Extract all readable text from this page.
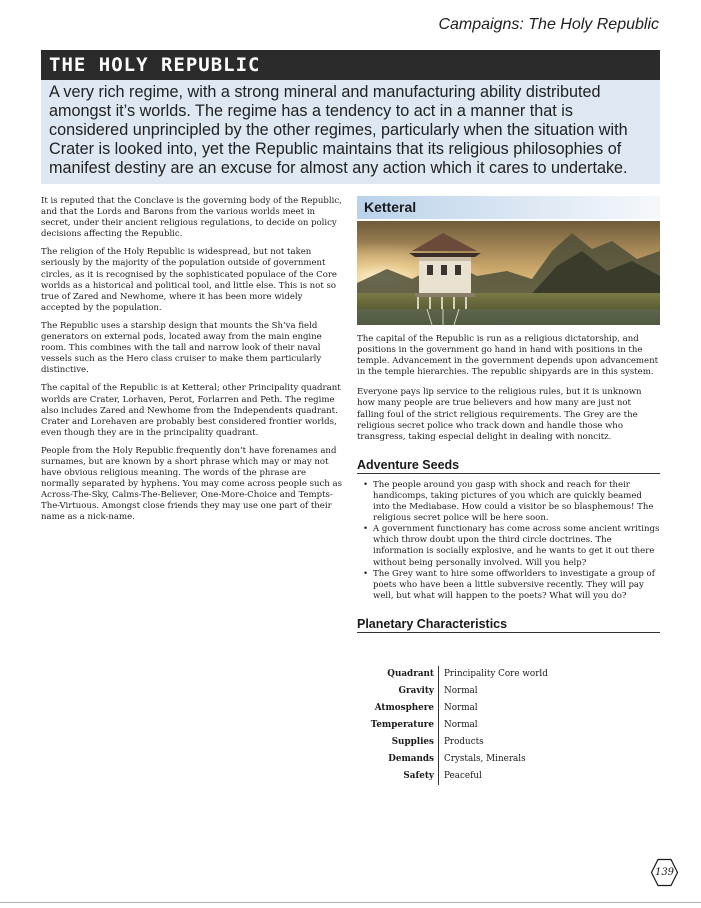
Campaigns: The Holy Republic
THE HOLY REPUBLIC
A very rich regime, with a strong mineral and manufacturing ability distributed amongst it’s worlds. The regime has a tendency to act in a manner that is considered unprincipled by the other regimes, particularly when the situation with Crater is looked into, yet the Republic maintains that its religious philosophies of manifest destiny are an excuse for almost any action which it cares to undertake.

It is reputed that the Conclave is the governing body of the Republic, and that the Lords and Barons from the various worlds meet in secret, under their ancient religious regulations, to decide on policy decisions affecting the Republic.

The religion of the Holy Republic is widespread, but not taken seriously by the majority of the population outside of government circles, as it is recognised by the sophisticated populace of the Core worlds as a historical and political tool, and little else. This is not so true of Zared and Newhome, where it has been more widely accepted by the population.

The Republic uses a starship design that mounts the Sh’va field generators on external pods, located away from the main engine room. This combines with the tall and narrow look of their naval vessels such as the Hero class cruiser to make them particularly distinctive.

The capital of the Republic is at Ketteral; other Principality quadrant worlds are Crater, Lorhaven, Perot, Forlarren and Peth. The regime also includes Zared and Newhome from the Independents quadrant. Crater and Lorehaven are probably best considered frontier worlds, even though they are in the principality quadrant.

People from the Holy Republic frequently don’t have forenames and surnames, but are known by a short phrase which may or may not have obvious religious meaning. The words of the phrase are normally separated by hyphens. You may come across people such as Across-The-Sky, Calms-The-Believer, One-More-Choice and Tempts-The-Virtuous. Amongst close friends they may use one part of their name as a nick-name.

Ketteral

The capital of the Republic is run as a religious dictatorship, and positions in the government go hand in hand with positions in the temple. Advancement in the government depends upon advancement in the temple hierarchies. The republic shipyards are in this system.

Everyone pays lip service to the religious rules, but it is unknown how many people are true believers and how many are just not falling foul of the strict religious requirements. The Grey are the religious secret police who track down and handle those who transgress, taking especial delight in dealing with noncitz.

Adventure Seeds
• The people around you gasp with shock and reach for their handicomps, taking pictures of you which are quickly beamed into the Mediabase. How could a visitor be so blasphemous! The religious secret police will be here soon.
• A government functionary has come across some ancient writings which throw doubt upon the third circle doctrines. The information is socially explosive, and he wants to get it out there without being personally involved. Will you help?
• The Grey want to hire some offworlders to investigate a group of poets who have been a little subversive recently. They will pay well, but what will happen to the poets? What will you do?
Planetary Characteristics
Quadrant	Principality Core world
Gravity	Normal
Atmosphere	Normal
Temperature	Normal
Supplies	Products
Demands	Crystals, Minerals
Safety	Peaceful
139
